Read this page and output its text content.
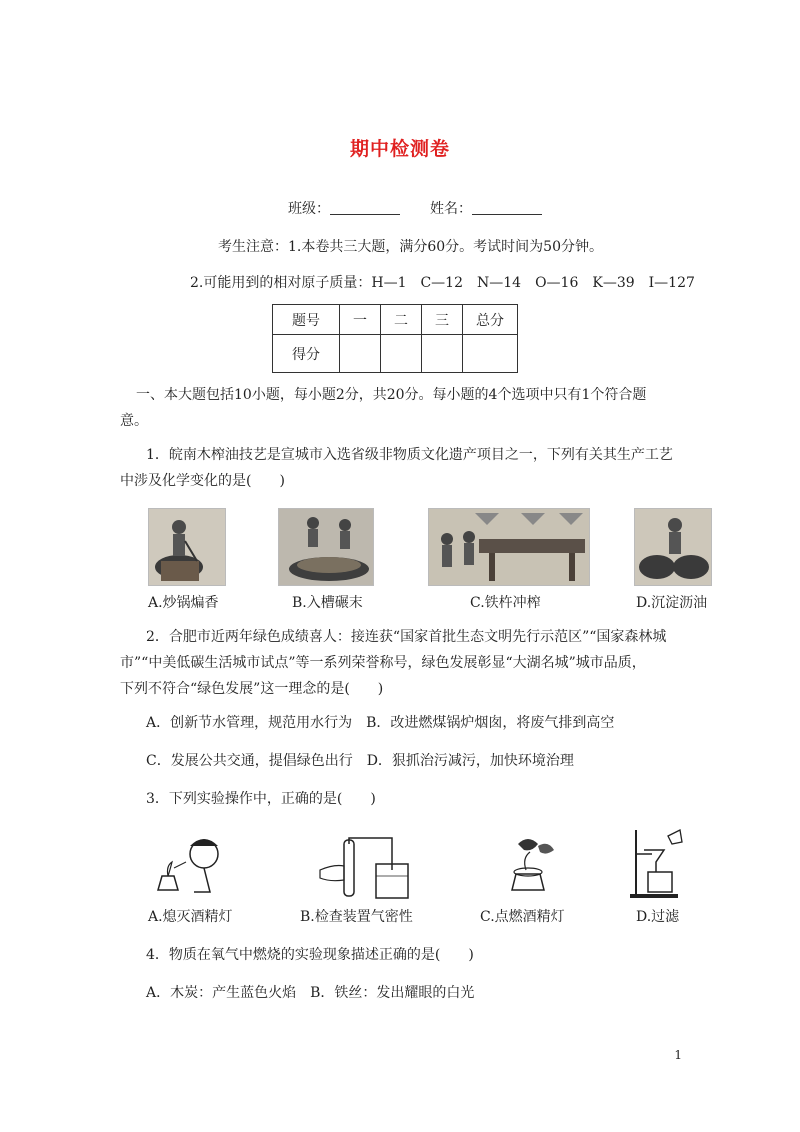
期中检测卷
班级：	姓名：
考生注意：1.本卷共三大题，满分60分。考试时间为50分钟。
2.可能用到的相对原子质量：H—1　C—12　N—14　O—16　K—39　I—127
题号	一	二	三	总分
得分				
一、本大题包括10小题，每小题2分，共20分。每小题的4个选项中只有1个符合题
意。
1．皖南木榨油技艺是宣城市入选省级非物质文化遗产项目之一，下列有关其生产工艺
中涉及化学变化的是(　　)
A.炒锅煸香	B.入槽碾末	C.铁杵冲榨	D.沉淀沥油
2．合肥市近两年绿色成绩喜人：接连获“国家首批生态文明先行示范区”“国家森林城
市”“中美低碳生活城市试点”等一系列荣誉称号，绿色发展彰显“大湖名城”城市品质，
下列不符合“绿色发展”这一理念的是(　　)
A．创新节水管理，规范用水行为　B．改进燃煤锅炉烟囱，将废气排到高空
C．发展公共交通，提倡绿色出行　D．狠抓治污减污，加快环境治理
3．下列实验操作中，正确的是(　　)
A.熄灭酒精灯	B.检查装置气密性	C.点燃酒精灯	D.过滤
4．物质在氧气中燃烧的实验现象描述正确的是(　　)
A．木炭：产生蓝色火焰　B．铁丝：发出耀眼的白光
1
